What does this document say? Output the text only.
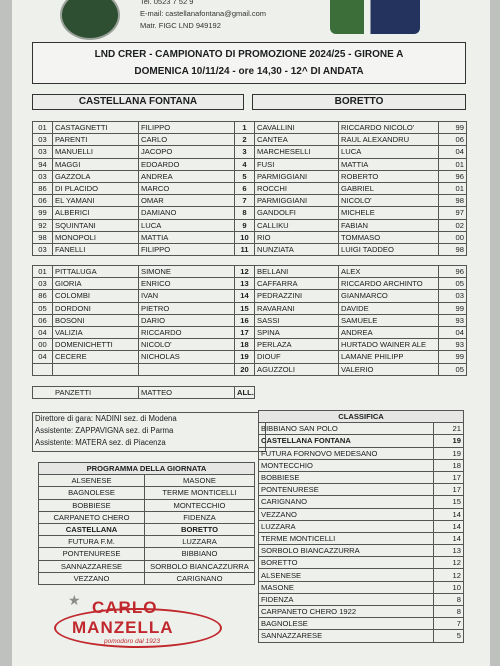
Tel. 0523 7 52 9
E-mail: castellanafontana@gmail.com
Matr. FIGC LND 949192
LND CRER - CAMPIONATO DI PROMOZIONE 2024/25 - GIRONE A
DOMENICA 10/11/24 - ore 14,30 - 12^ DI ANDATA
CASTELLANA FONTANA	BORETTO
01	CASTAGNETTI	FILIPPO	1	CAVALLINI	RICCARDO NICOLO'	99
03	PARENTI	CARLO	2	CANTEA	RAUL ALEXANDRU	06
03	MANUELLI	JACOPO	3	MARCHESELLI	LUCA	04
94	MAGGI	EDOARDO	4	FUSI	MATTIA	01
03	GAZZOLA	ANDREA	5	PARMIGGIANI	ROBERTO	96
86	DI PLACIDO	MARCO	6	ROCCHI	GABRIEL	01
06	EL YAMANI	OMAR	7	PARMIGGIANI	NICOLO'	98
99	ALBERICI	DAMIANO	8	GANDOLFI	MICHELE	97
92	SQUINTANI	LUCA	9	CALLIKU	FABIAN	02
98	MONOPOLI	MATTIA	10	RIO	TOMMASO	00
03	FANELLI	FILIPPO	11	NUNZIATA	LUIGI TADDEO	98
01	PITTALUGA	SIMONE	12	BELLANI	ALEX	96
03	GIORIA	ENRICO	13	CAFFARRA	RICCARDO ARCHINTO	05
86	COLOMBI	IVAN	14	PEDRAZZINI	GIANMARCO	03
05	DORDONI	PIETRO	15	RAVARANI	DAVIDE	99
06	BOSONI	DARIO	16	SASSI	SAMUELE	93
04	VALIZIA	RICCARDO	17	SPINA	ANDREA	04
00	DOMENICHETTI	NICOLO'	18	PERLAZA	HURTADO WAINER ALE	93
04	CECERE	NICHOLAS	19	DIOUF	LAMANE PHILIPP	99
			20	AGUZZOLI	VALERIO	05
PANZETTI	MATTEO	ALL.	
Direttore di gara: NADINI sez. di Modena
Assistente: ZAPPAVIGNA sez. di Parma
Assistente: MATERA sez. di Piacenza
PROGRAMMA DELLA GIORNATA	
ALSENESE	MASONE
BAGNOLESE	TERME MONTICELLI
BOBBIESE	MONTECCHIO
CARPANETO CHERO	FIDENZA
CASTELLANA	BORETTO
FUTURA F.M.	LUZZARA
PONTENURESE	BIBBIANO
SANNAZZARESE	SORBOLO BIANCAZZURRA
VEZZANO	CARIGNANO
CLASSIFICA	
BIBBIANO SAN POLO	21
CASTELLANA FONTANA	19
FUTURA FORNOVO MEDESANO	19
MONTECCHIO	18
BOBBIESE	17
PONTENURESE	17
CARIGNANO	15
VEZZANO	14
LUZZARA	14
TERME MONTICELLI	14
SORBOLO BIANCAZZURRA	13
BORETTO	12
ALSENESE	12
MASONE	10
FIDENZA	8
CARPANETO CHERO 1922	8
BAGNOLESE	7
SANNAZZARESE	5
★ CARLO
MANZELLA
pomodoro dal 1923
